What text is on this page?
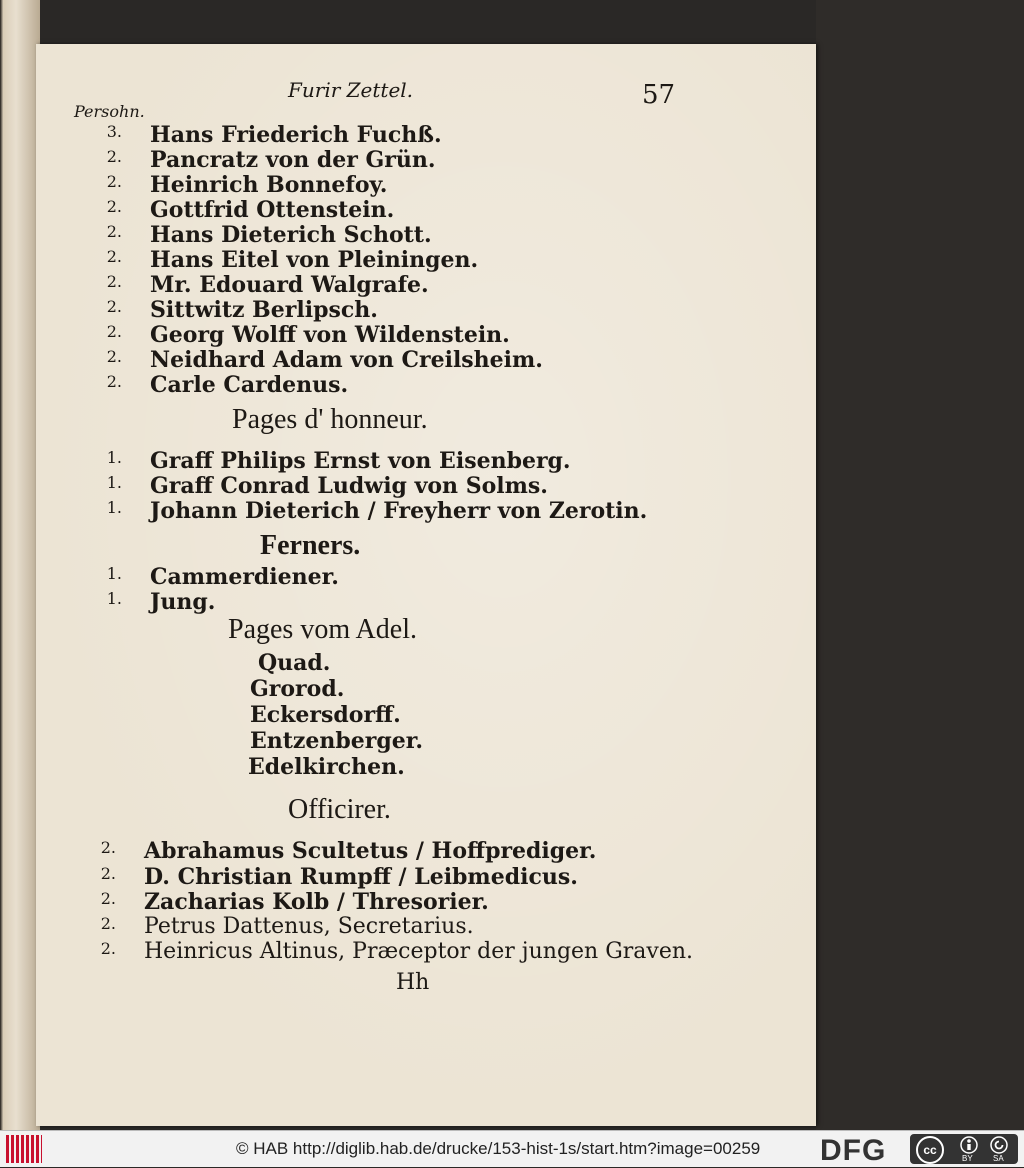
Furir Zettel.	57
Persohn.
3. Hans Friederich Fuchß.
2. Pancratz von der Grün.
2. Heinrich Bonnefoy.
2. Gottfrid Ottenstein.
2. Hans Dieterich Schott.
2. Hans Eitel von Pleiningen.
2. Mr. Edouard Walgrafe.
2. Sittwitz Berlipsch.
2. Georg Wolff von Wildenstein.
2. Neidhard Adam von Creilsheim.
2. Carle Cardenus.
Pages d' honneur.
1. Graff Philips Ernst von Eisenberg.
1. Graff Conrad Ludwig von Solms.
1. Johann Dieterich / Freyherr von Zerotin.
Ferners.
1. Cammerdiener.
1. Jung.
Pages vom Adel.
Quad.
Grorod.
Eckersdorff.
Entzenberger.
Edelkirchen.
Officirer.
2. Abrahamus Scultetus / Hoffprediger.
2. D. Christian Rumpff / Leibmedicus.
2. Zacharias Kolb / Thresorier.
2. Petrus Dattenus, Secretarius.
2. Heinricus Altinus, Præceptor der jungen Graven.
Hh
© HAB http://diglib.hab.de/drucke/153-hist-1s/start.htm?image=00259 DFG	cc
BY	SA
